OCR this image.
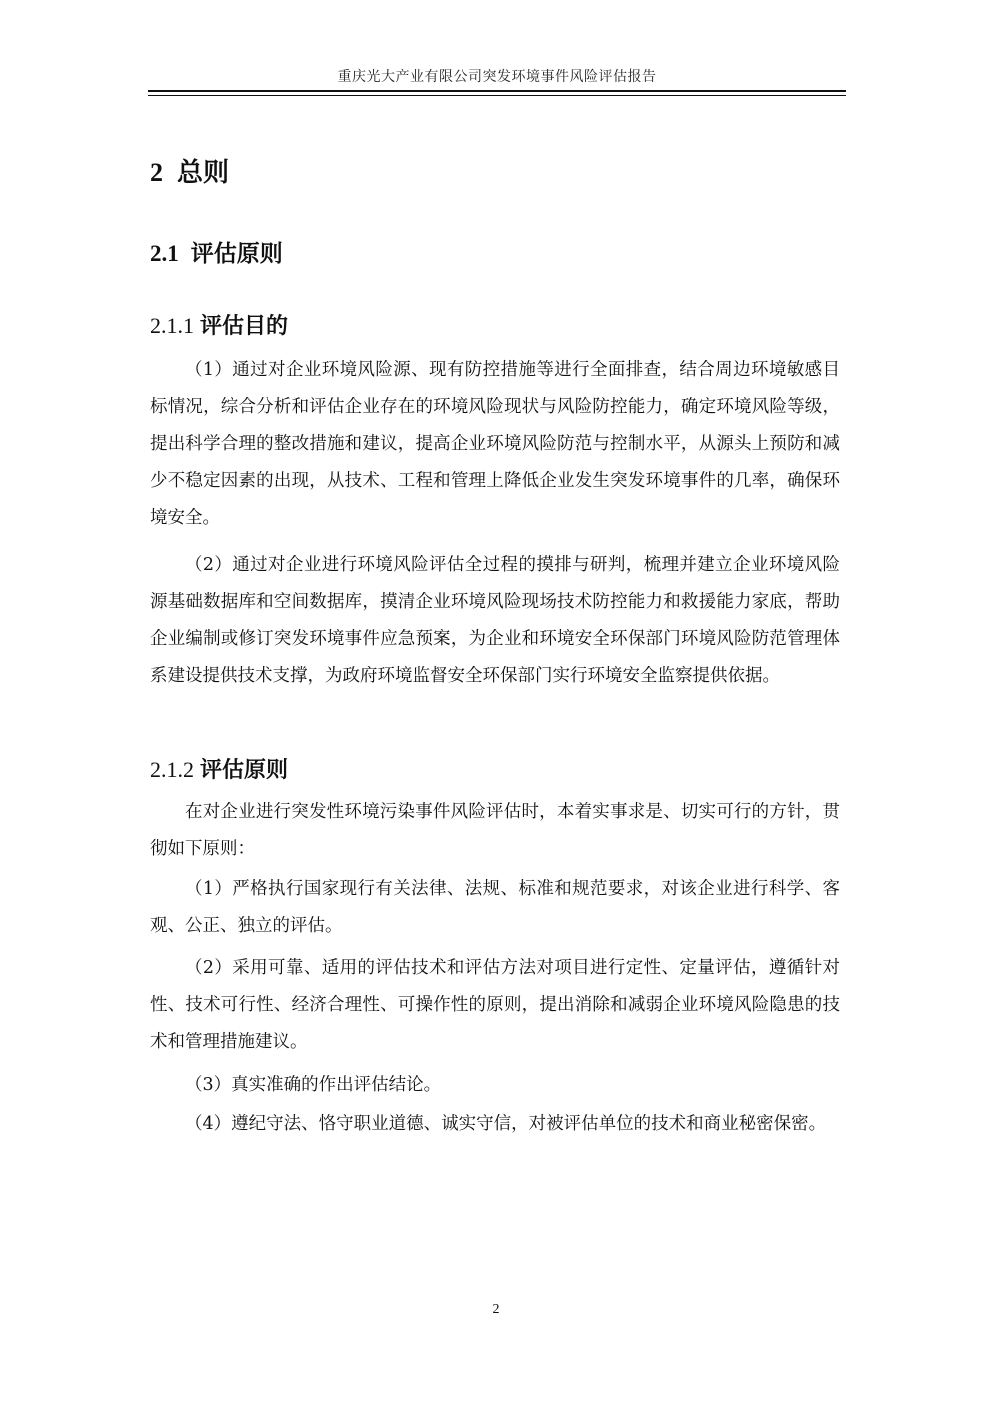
重庆光大产业有限公司突发环境事件风险评估报告
2 总则
2.1 评估原则
2.1.1 评估目的

（1）通过对企业环境风险源、现有防控措施等进行全面排查，结合周边环境敏感目标情况，综合分析和评估企业存在的环境风险现状与风险防控能力，确定环境风险等级，提出科学合理的整改措施和建议，提高企业环境风险防范与控制水平，从源头上预防和减少不稳定因素的出现，从技术、工程和管理上降低企业发生突发环境事件的几率，确保环境安全。

（2）通过对企业进行环境风险评估全过程的摸排与研判，梳理并建立企业环境风险源基础数据库和空间数据库，摸清企业环境风险现场技术防控能力和救援能力家底，帮助企业编制或修订突发环境事件应急预案，为企业和环境安全环保部门环境风险防范管理体系建设提供技术支撑，为政府环境监督安全环保部门实行环境安全监察提供依据。

2.1.2 评估原则

在对企业进行突发性环境污染事件风险评估时，本着实事求是、切实可行的方针，贯彻如下原则：

（1）严格执行国家现行有关法律、法规、标准和规范要求，对该企业进行科学、客观、公正、独立的评估。

（2）采用可靠、适用的评估技术和评估方法对项目进行定性、定量评估，遵循针对性、技术可行性、经济合理性、可操作性的原则，提出消除和减弱企业环境风险隐患的技术和管理措施建议。

（3）真实准确的作出评估结论。

（4）遵纪守法、恪守职业道德、诚实守信，对被评估单位的技术和商业秘密保密。

2
